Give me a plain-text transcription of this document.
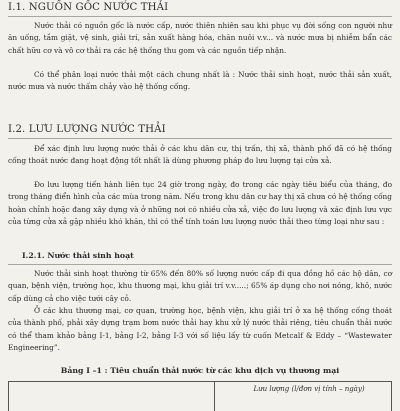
I.1. NGUỒN GỐC NƯỚC THẢI

Nước thải có nguồn gốc là nước cấp, nước thiên nhiên sau khi phục vụ đời sống con người như ăn uống, tắm giặt, vệ sinh, giải trí, sản xuất hàng hóa, chăn nuôi v.v... và nước mưa bị nhiễm bẩn các chất hữu cơ và vô cơ thải ra các hệ thống thu gom và các nguồn tiếp nhận.

Có thể phân loại nước thải một cách chung nhất là : Nước thải sinh hoạt, nước thải sản xuất, nước mưa và nước thấm chảy vào hệ thống cống.

I.2. LƯU LƯỢNG NƯỚC THẢI

Để xác định lưu lượng nước thải ở các khu dân cư, thị trấn, thị xã, thành phố đã có hệ thống cống thoát nước đang hoạt động tốt nhất là dùng phương pháp đo lưu lượng tại cửa xả.

Đo lưu lượng tiến hành liên tục 24 giờ trong ngày, đo trong các ngày tiêu biểu của tháng, đo trong tháng điển hình của các mùa trong năm. Nếu trong khu dân cư hay thị xã chưa có hệ thống cống hoàn chỉnh hoặc đang xây dựng và ở những nơi có nhiều cửa xả, việc đo lưu lượng và xác định lưu vực của từng cửa xả gặp nhiều khó khăn, thì có thể tính toán lưu lượng nước thải theo từng loại như sau :

I.2.1. Nước thải sinh hoạt

Nước thải sinh hoạt thường từ 65% đến 80% số lượng nước cấp đi qua đồng hồ các hộ dân, cơ quan, bệnh viện, trường học, khu thương mại, khu giải trí v.v.....; 65% áp dụng cho nơi nóng, khô, nước cấp dùng cả cho việc tưới cây cỏ.

Ở các khu thương mại, cơ quan, trường học, bệnh viện, khu giải trí ở xa hệ thống cống thoát của thành phố, phải xây dựng trạm bơm nước thải hay khu xử lý nước thải riêng, tiêu chuẩn thải nước có thể tham khảo bảng I-1, bảng I-2, bảng I-3 với số liệu lấy từ cuốn Metcalf & Eddy – “Wastewater Engineering”.

Bảng I –1 : Tiêu chuẩn thải nước từ các khu dịch vụ thương mại

Lưu lượng (l/đơn vị tính – ngày)
